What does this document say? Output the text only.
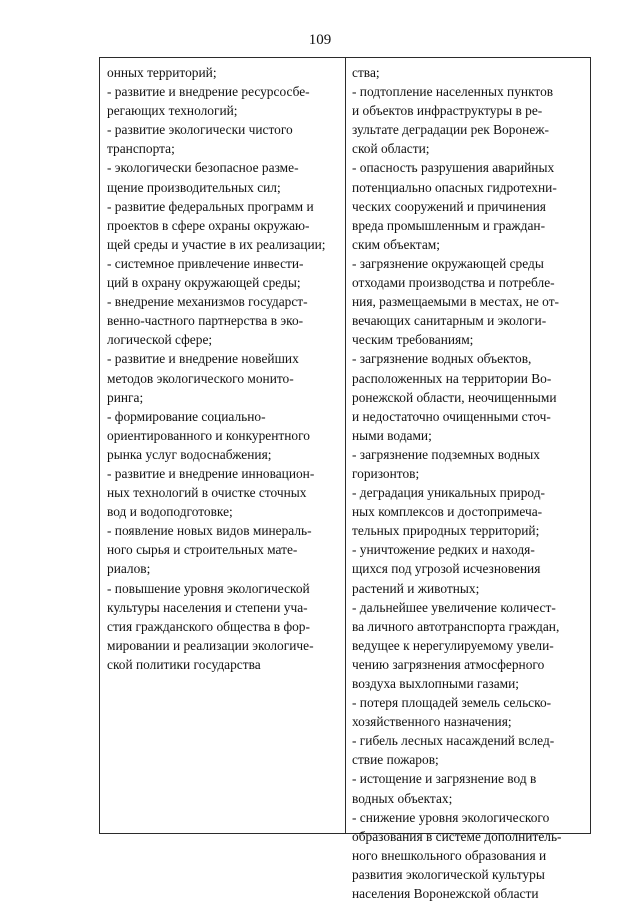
109
онных территорий;
- развитие и внедрение ресурсосбе-
регающих технологий;
- развитие экологически чистого
транспорта;
- экологически безопасное разме-
щение производительных сил;
- развитие федеральных программ и
проектов в сфере охраны окружаю-
щей среды и участие в их реализации;
- системное привлечение инвести-
ций в охрану окружающей среды;
- внедрение механизмов государст-
венно-частного партнерства в эко-
логической сфере;
- развитие и внедрение новейших
методов экологического монито-
ринга;
- формирование социально-
ориентированного и конкурентного
рынка услуг водоснабжения;
- развитие и внедрение инновацион-
ных технологий в очистке сточных
вод и водоподготовке;
- появление новых видов минераль-
ного сырья и строительных мате-
риалов;
- повышение уровня экологической
культуры населения и степени уча-
стия гражданского общества в фор-
мировании и реализации экологиче-
ской политики государства
ства;
- подтопление населенных пунктов
и объектов инфраструктуры в ре-
зультате деградации рек Воронеж-
ской области;
- опасность разрушения аварийных
потенциально опасных гидротехни-
ческих сооружений и причинения
вреда промышленным и граждан-
ским объектам;
- загрязнение окружающей среды
отходами производства и потребле-
ния, размещаемыми в местах, не от-
вечающих санитарным и экологи-
ческим требованиям;
- загрязнение водных объектов,
расположенных на территории Во-
ронежской области, неочищенными
и недостаточно очищенными сточ-
ными водами;
- загрязнение подземных водных
горизонтов;
- деградация уникальных природ-
ных комплексов и достопримеча-
тельных природных территорий;
- уничтожение редких и находя-
щихся под угрозой исчезновения
растений и животных;
- дальнейшее увеличение количест-
ва личного автотранспорта граждан,
ведущее к нерегулируемому увели-
чению загрязнения атмосферного
воздуха выхлопными газами;
- потеря площадей земель сельско-
хозяйственного назначения;
- гибель лесных насаждений вслед-
ствие пожаров;
- истощение и загрязнение вод в
водных объектах;
- снижение уровня экологического
образования в системе дополнитель-
ного внешкольного образования и
развития экологической культуры
населения Воронежской области
